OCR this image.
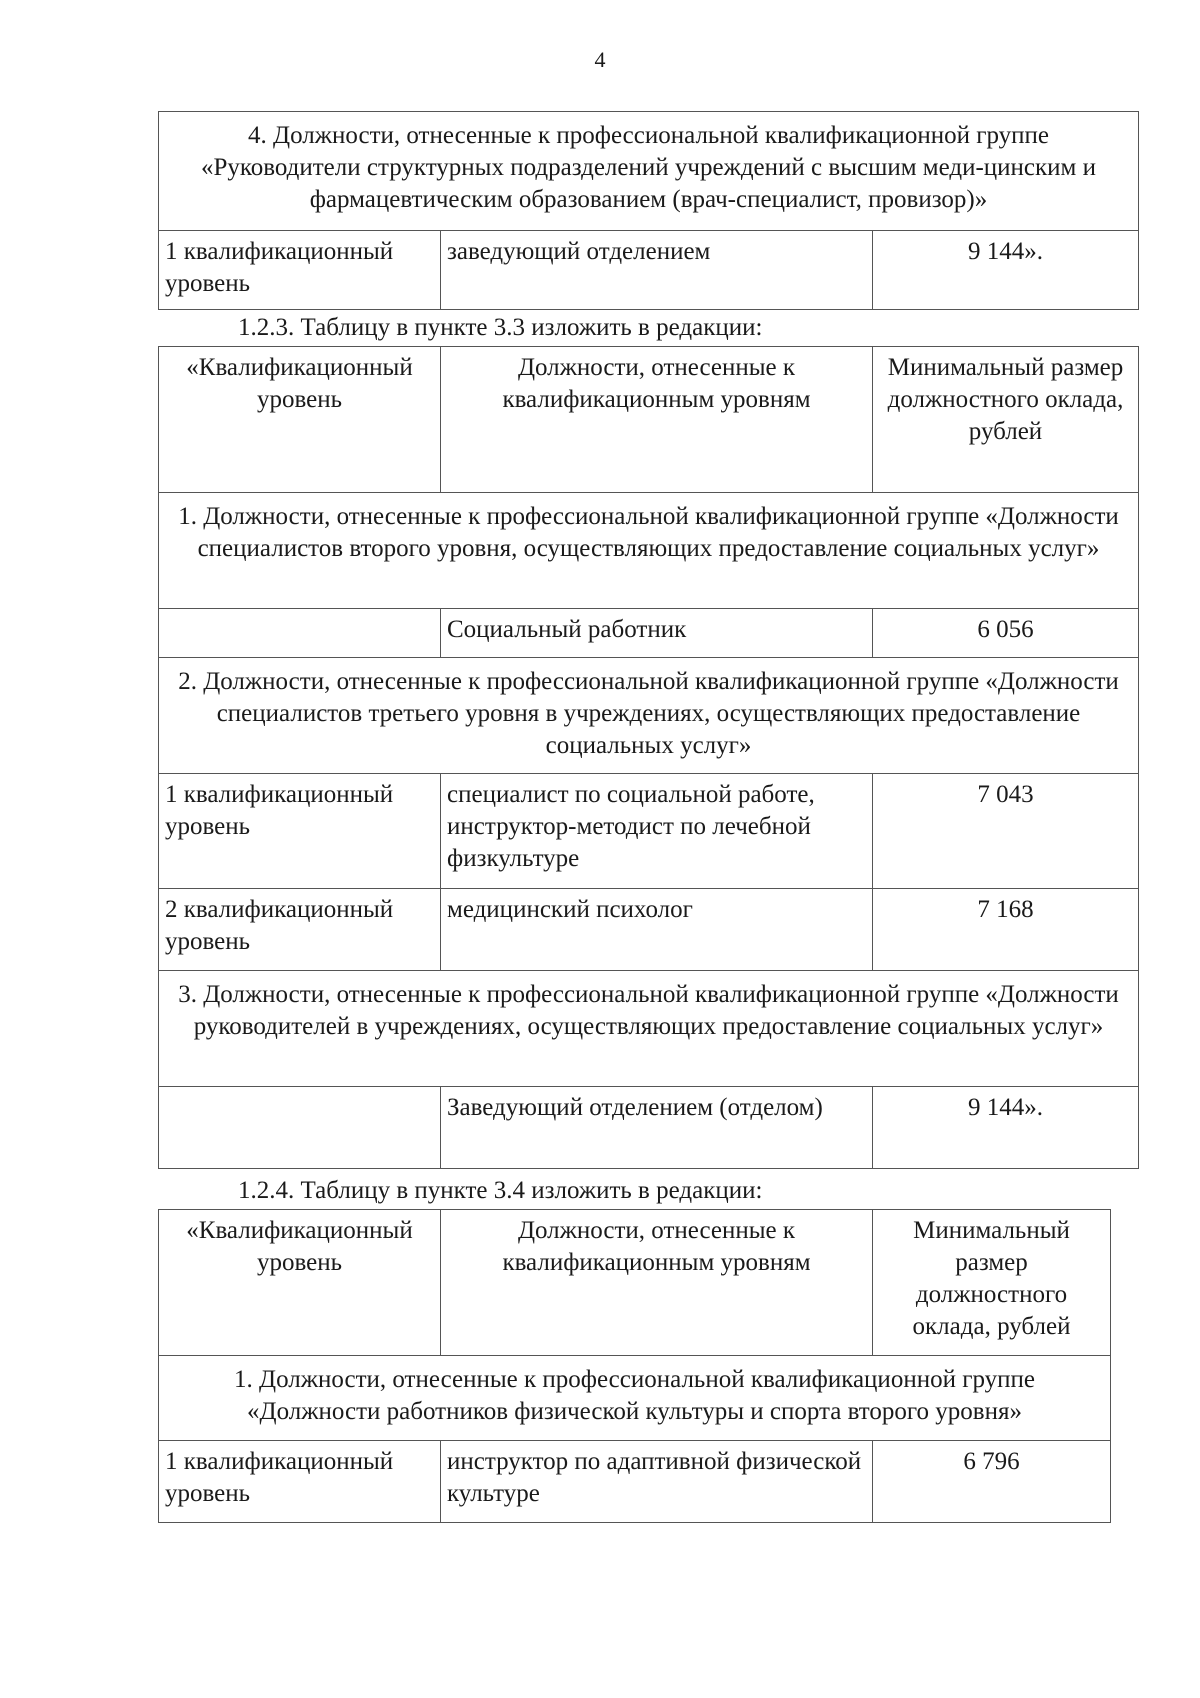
4
4. Должности, отнесенные к профессиональной квалификационной группе «Руководители структурных подразделений учреждений с высшим меди-цинским и фармацевтическим образованием (врач-специалист, провизор)»
1 квалификационный уровень	заведующий отделением	9 144».
1.2.3. Таблицу в пункте 3.3 изложить в редакции:
«Квалификационный уровень	Должности, отнесенные к квалификационным уровням	Минимальный размер должностного оклада, рублей
1. Должности, отнесенные к профессиональной квалификационной группе «Должности специалистов второго уровня, осуществляющих предоставление социальных услуг»		
	Социальный работник	6 056
2. Должности, отнесенные к профессиональной квалификационной группе «Должности специалистов третьего уровня в учреждениях, осуществляющих предоставление социальных услуг»		
1 квалификационный уровень	специалист по социальной работе, инструктор-методист по лечебной физкультуре	7 043
2 квалификационный уровень	медицинский психолог	7 168
3. Должности, отнесенные к профессиональной квалификационной группе «Должности руководителей в учреждениях, осуществляющих предоставление социальных услуг»		
	Заведующий отделением (отделом)	9 144».
1.2.4. Таблицу в пункте 3.4 изложить в редакции:
«Квалификационный уровень	Должности, отнесенные к квалификационным уровням	Минимальный размер должностного оклада, рублей
1. Должности, отнесенные к профессиональной квалификационной группе «Должности работников физической культуры и спорта второго уровня»		
1 квалификационный уровень	инструктор по адаптивной физической культуре	6 796
